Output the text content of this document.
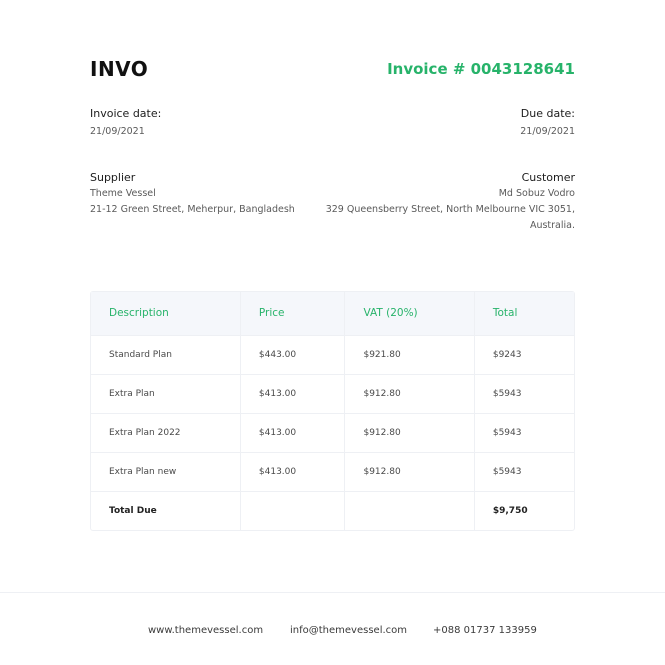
INVO	Invoice # 0043128641
Invoice date:
21/09/2021
Due date:
21/09/2021
Supplier
Theme Vessel
21-12 Green Street, Meherpur, Bangladesh
Customer
Md Sobuz Vodro
329 Queensberry Street, North Melbourne VIC 3051, Australia.
Description	Price	VAT (20%)	Total
Standard Plan	$443.00	$921.80	$9243
Extra Plan	$413.00	$912.80	$5943
Extra Plan 2022	$413.00	$912.80	$5943
Extra Plan new	$413.00	$912.80	$5943
Total Due			$9,750
www.themevessel.com	info@themevessel.com	+088 01737 133959
